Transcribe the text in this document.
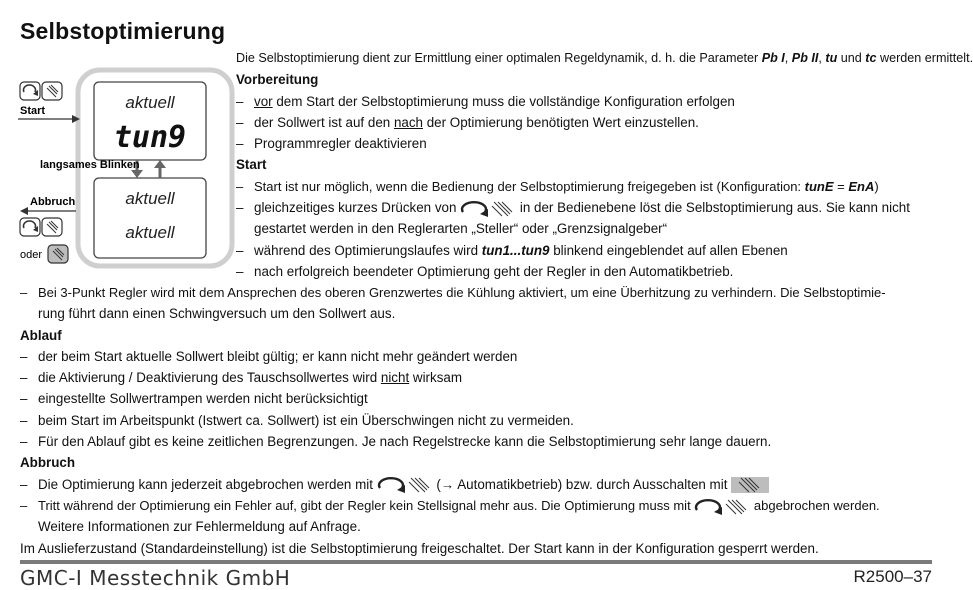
Selbstoptimierung
Start
langsames Blinken
Abbruch
oder
aktuell
tun9
aktuell
aktuell

Die Selbstoptimierung dient zur Ermittlung einer optimalen Regeldynamik, d. h. die Parameter Pb I, Pb II, tu und tc werden ermittelt.

Vorbereitung

– vor dem Start der Selbstoptimierung muss die vollständige Konfiguration erfolgen

– der Sollwert ist auf den nach der Optimierung benötigten Wert einzustellen.

– Programmregler deaktivieren

Start

– Start ist nur möglich, wenn die Bedienung der Selbstoptimierung freigegeben ist (Konfiguration: tunE = EnA)

– gleichzeitiges kurzes Drücken von	in der Bedienebene löst die Selbstoptimierung aus. Sie kann nicht

gestartet werden in den Reglerarten „Steller“ oder „Grenzsignalgeber“

– während des Optimierungslaufes wird tun1...tun9 blinkend eingeblendet auf allen Ebenen

– nach erfolgreich beendeter Optimierung geht der Regler in den Automatikbetrieb.

– Bei 3-Punkt Regler wird mit dem Ansprechen des oberen Grenzwertes die Kühlung aktiviert, um eine Überhitzung zu verhindern. Die Selbstoptimie-

rung führt dann einen Schwingversuch um den Sollwert aus.

Ablauf

– der beim Start aktuelle Sollwert bleibt gültig; er kann nicht mehr geändert werden

– die Aktivierung / Deaktivierung des Tauschsollwertes wird nicht wirksam

– eingestellte Sollwertrampen werden nicht berücksichtigt

– beim Start im Arbeitspunkt (Istwert ca. Sollwert) ist ein Überschwingen nicht zu vermeiden.

– Für den Ablauf gibt es keine zeitlichen Begrenzungen. Je nach Regelstrecke kann die Selbstoptimierung sehr lange dauern.

Abbruch

– Die Optimierung kann jederzeit abgebrochen werden mit	(→ Automatikbetrieb) bzw. durch Ausschalten mit

– Tritt während der Optimierung ein Fehler auf, gibt der Regler kein Stellsignal mehr aus. Die Optimierung muss mit	abgebrochen werden.

Weitere Informationen zur Fehlermeldung auf Anfrage.

Im Auslieferzustand (Standardeinstellung) ist die Selbstoptimierung freigeschaltet. Der Start kann in der Konfiguration gesperrt werden.

GMC-I Messtechnik GmbH	R2500–37
